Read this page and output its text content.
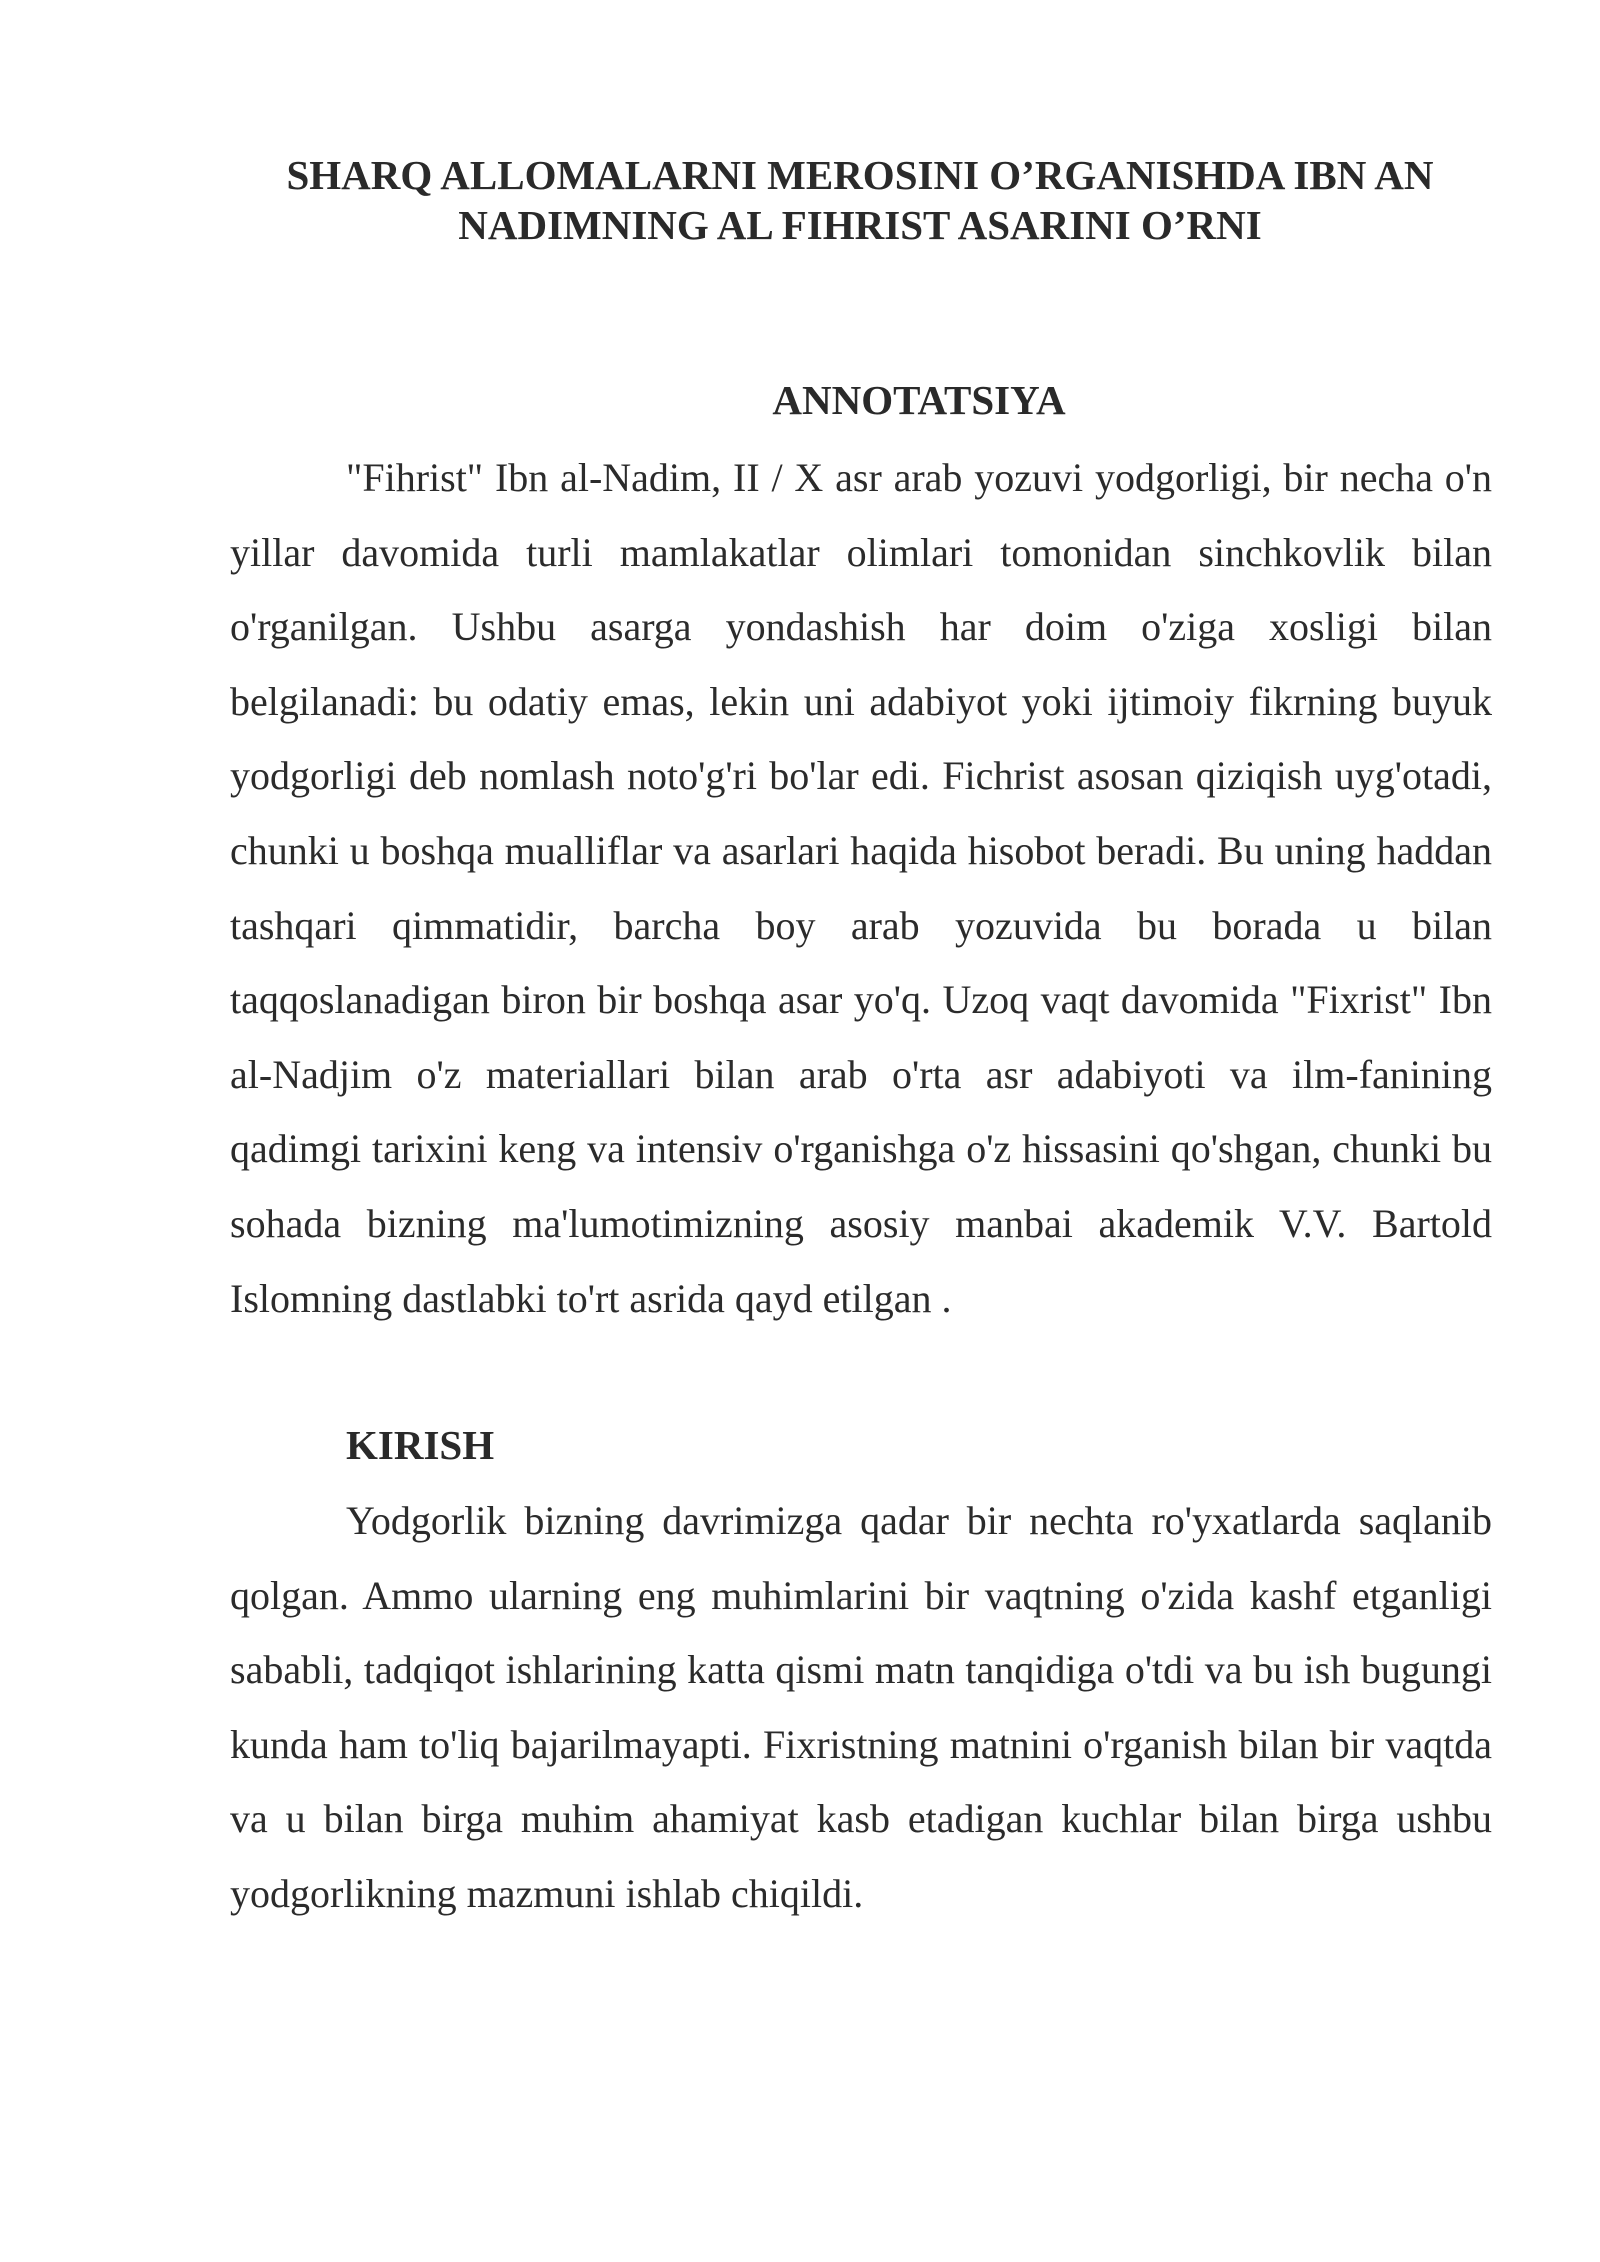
SHARQ ALLOMALARNI MEROSINI O’RGANISHDA IBN AN NADIMNING AL FIHRIST ASARINI O’RNI
ANNOTATSIYA

"Fihrist" Ibn al-Nadim, II / X asr arab yozuvi yodgorligi, bir necha o'n yillar davomida turli mamlakatlar olimlari tomonidan sinchkovlik bilan o'rganilgan. Ushbu asarga yondashish har doim o'ziga xosligi bilan belgilanadi: bu odatiy emas, lekin uni adabiyot yoki ijtimoiy fikrning buyuk yodgorligi deb nomlash noto'g'ri bo'lar edi. Fichrist asosan qiziqish uyg'otadi, chunki u boshqa mualliflar va asarlari haqida hisobot beradi. Bu uning haddan tashqari qimmatidir, barcha boy arab yozuvida bu borada u bilan taqqoslanadigan biron bir boshqa asar yo'q. Uzoq vaqt davomida "Fixrist" Ibn al-Nadjim o'z materiallari bilan arab o'rta asr adabiyoti va ilm-fanining qadimgi tarixini keng va intensiv o'rganishga o'z hissasini qo'shgan, chunki bu sohada bizning ma'lumotimizning asosiy manbai akademik V.V. Bartold Islomning dastlabki to'rt asrida qayd etilgan .

KIRISH

Yodgorlik bizning davrimizga qadar bir nechta ro'yxatlarda saqlanib qolgan. Ammo ularning eng muhimlarini bir vaqtning o'zida kashf etganligi sababli, tadqiqot ishlarining katta qismi matn tanqidiga o'tdi va bu ish bugungi kunda ham to'liq bajarilmayapti. Fixristning matnini o'rganish bilan bir vaqtda va u bilan birga muhim ahamiyat kasb etadigan kuchlar bilan birga ushbu yodgorlikning mazmuni ishlab chiqildi.
